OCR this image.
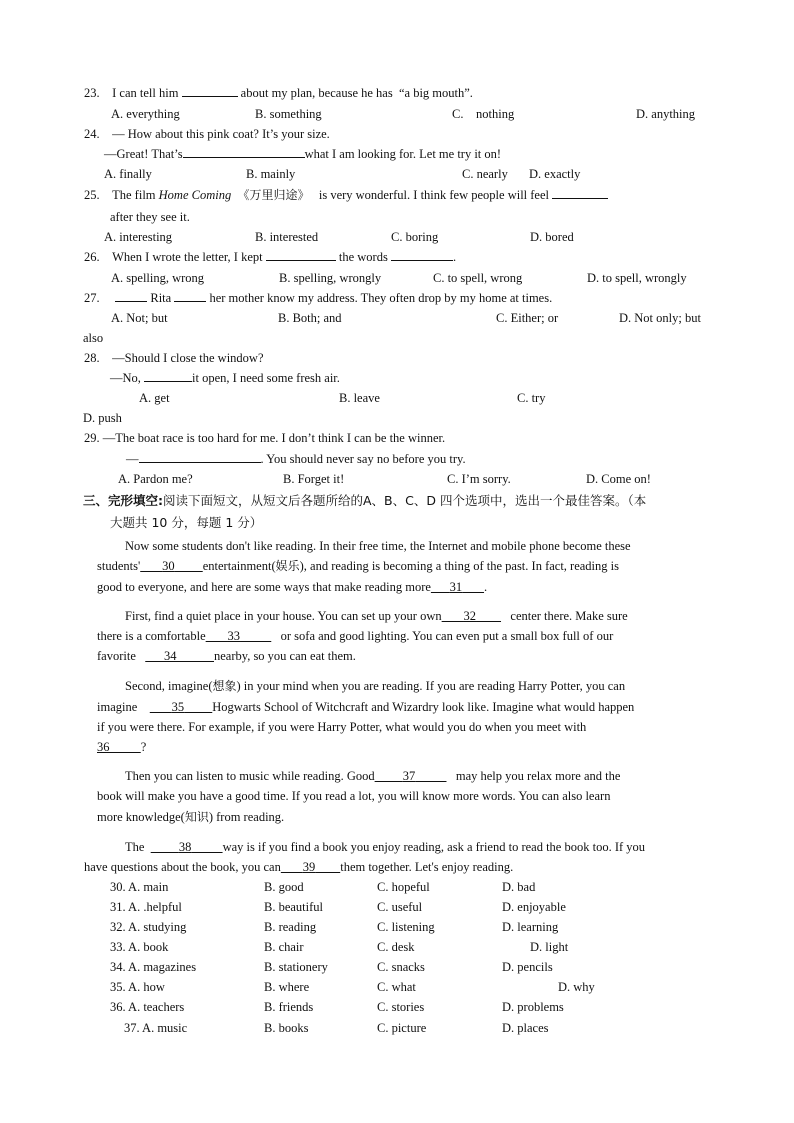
23. I can tell him	about my plan, because he has “a big mouth”.
A. everything	B. something	C. nothing	D. anything
24. — How about this pink coat? It’s your size.
—Great! That’s	what I am looking for. Let me try it on!
A. finally	B. mainly	C. nearly D. exactly
25. The film Home Coming 《万里归途》 is very wonderful. I think few people will feel
after they see it.
A. interesting	B. interested	C. boring	D. bored
26. When I wrote the letter, I kept	the words	.
A. spelling, wrong	B. spelling, wrongly	C. to spell, wrong	D. to spell, wrongly
27.	Rita	her mother know my address. They often drop by my home at times.
A. Not; but	B. Both; and	C. Either; or	D. Not only; but
also
28. —Should I close the window?
—No,	it open, I need some fresh air.
A. get	B. leave	C. try
D. push
29. —The boat race is too hard for me. I don’t think I can be the winner.
—	. You should never say no before you try.
A. Pardon me?	B. Forget it!	C. I’m sorry.	D. Come on!
三、完形填空:阅读下面短文，从短文后各题所给的A、B、C、D 四个选项中，选出一个最佳答案。（本
大题共 10 分，每题 1 分）
Now some students don't like reading. In their free time, the Internet and mobile phone become these
students' 30 entertainment(娱乐), and reading is becoming a thing of the past. In fact, reading is
good to everyone, and here are some ways that make reading more 31 .
First, find a quiet place in your house. You can set up your own 32	center there. Make sure
there is a comfortable 33	or sofa and good lighting. You can even put a small box full of our
favorite 34	nearby, so you can eat them.
Second, imagine(想象) in your mind when you are reading. If you are reading Harry Potter, you can
imagine	35 Hogwarts School of Witchcraft and Wizardry look like. Imagine what would happen
if you were there. For example, if you were Harry Potter, what would you do when you meet with
36	?
Then you can listen to music while reading. Good 37	may help you relax more and the
book will make you have a good time. If you read a lot, you will know more words. You can also learn
more knowledge(知识) from reading.
The	38	way is if you find a book you enjoy reading, ask a friend to read the book too. If you
have questions about the book, you can 39 them together. Let's enjoy reading.
30. A. main	B. good	C. hopeful	D. bad
31. A. .helpful	B. beautiful	C. useful	D. enjoyable
32. A. studying	B. reading	C. listening	D. learning
33. A. book	B. chair	C. desk	D. light
34. A. magazines	B. stationery	C. snacks	D. pencils
35. A. how	B. where	C. what	D. why
36. A. teachers	B. friends	C. stories	D. problems
37. A. music	B. books	C. picture	D. places
